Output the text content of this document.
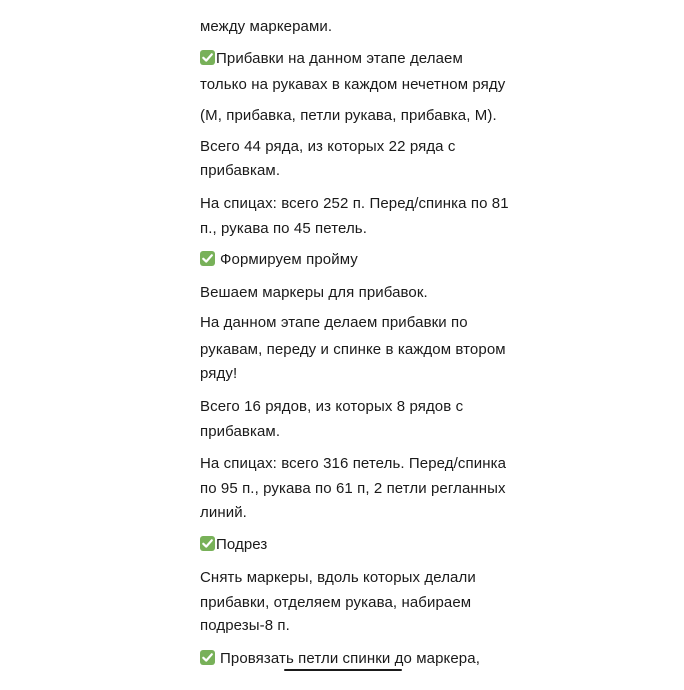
между маркерами.
Прибавки на данном этапе делаем
только на рукавах в каждом нечетном ряду
(М, прибавка, петли рукава, прибавка, М).
Всего 44 ряда, из которых 22 ряда с
прибавкам.
На спицах: всего 252 п. Перед/спинка по 81
п., рукава по 45 петель.
Формируем пройму
Вешаем маркеры для прибавок.
На данном этапе делаем прибавки по
рукавам, переду и спинке в каждом втором
ряду!
Всего 16 рядов, из которых 8 рядов с
прибавкам.
На спицах: всего 316 петель. Перед/спинка
по 95 п., рукава по 61 п, 2 петли регланных
линий.
Подрез
Снять маркеры, вдоль которых делали
прибавки, отделяем рукава, набираем
подрезы-8 п.
Провязать петли спинки до маркера,
